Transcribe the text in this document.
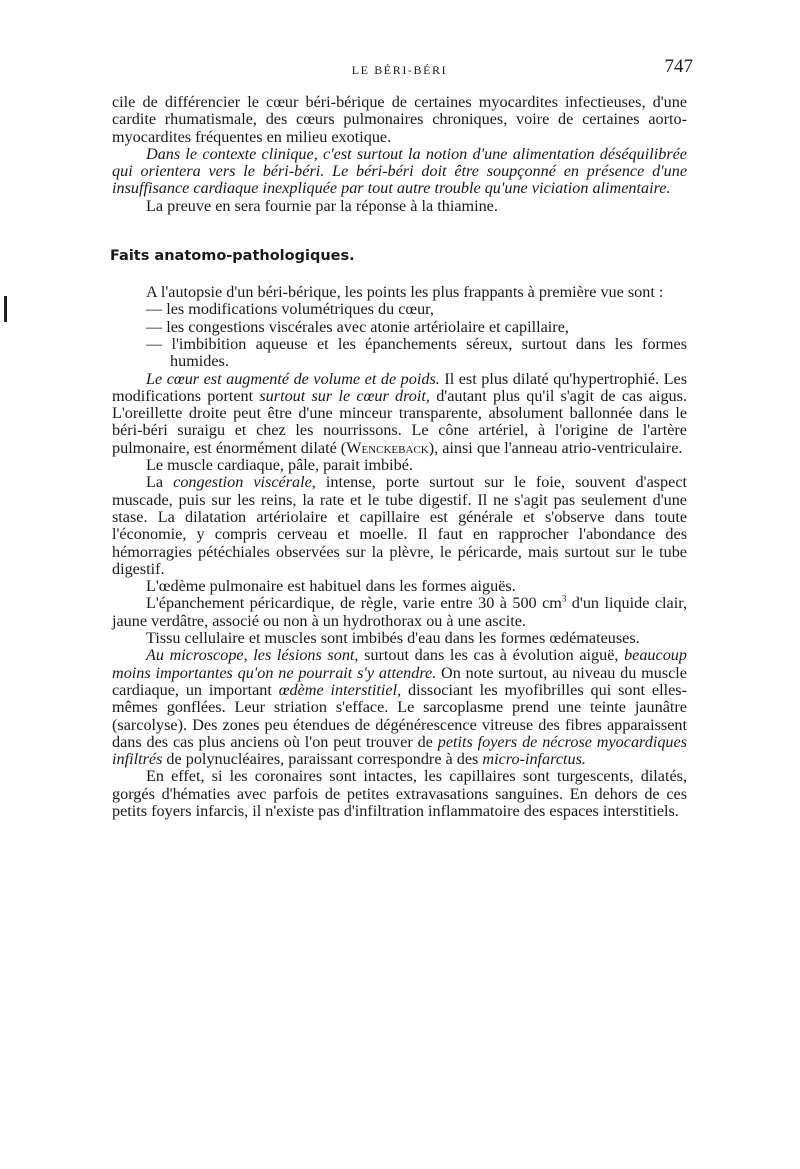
LE BÉRI-BÉRI	747

cile de différencier le cœur béri-bérique de certaines myocardites infectieuses, d'une cardite rhumatismale, des cœurs pulmonaires chroniques, voire de certaines aorto-myocardites fréquentes en milieu exotique.

Dans le contexte clinique, c'est surtout la notion d'une alimentation déséquilibrée qui orientera vers le béri-béri. Le béri-béri doit être soupçonné en présence d'une insuffisance cardiaque inexpliquée par tout autre trouble qu'une viciation alimentaire.

La preuve en sera fournie par la réponse à la thiamine.

Faits anatomo-pathologiques.

A l'autopsie d'un béri-bérique, les points les plus frappants à première vue sont :

— les modifications volumétriques du cœur,

— les congestions viscérales avec atonie artériolaire et capillaire,

— l'imbibition aqueuse et les épanchements séreux, surtout dans les formes humides.

Le cœur est augmenté de volume et de poids. Il est plus dilaté qu'hypertrophié. Les modifications portent surtout sur le cœur droit, d'autant plus qu'il s'agit de cas aigus. L'oreillette droite peut être d'une minceur transparente, absolument ballonnée dans le béri-béri suraigu et chez les nourrissons. Le cône artériel, à l'origine de l'artère pulmonaire, est énormément dilaté (Wenckeback), ainsi que l'anneau atrio-ventriculaire.

Le muscle cardiaque, pâle, parait imbibé.

La congestion viscérale, intense, porte surtout sur le foie, souvent d'aspect muscade, puis sur les reins, la rate et le tube digestif. Il ne s'agit pas seulement d'une stase. La dilatation artériolaire et capillaire est générale et s'observe dans toute l'économie, y compris cerveau et moelle. Il faut en rapprocher l'abondance des hémorragies pétéchiales observées sur la plèvre, le péricarde, mais surtout sur le tube digestif.

L'œdème pulmonaire est habituel dans les formes aiguës.

L'épanchement péricardique, de règle, varie entre 30 à 500 $cm^3$ d'un liquide clair, jaune verdâtre, associé ou non à un hydrothorax ou à une ascite.

Tissu cellulaire et muscles sont imbibés d'eau dans les formes œdémateuses.

Au microscope, les lésions sont, surtout dans les cas à évolution aiguë, beaucoup moins importantes qu'on ne pourrait s'y attendre. On note surtout, au niveau du muscle cardiaque, un important œdème interstitiel, dissociant les myofibrilles qui sont elles-mêmes gonflées. Leur striation s'efface. Le sarcoplasme prend une teinte jaunâtre (sarcolyse). Des zones peu étendues de dégénérescence vitreuse des fibres apparaissent dans des cas plus anciens où l'on peut trouver de petits foyers de nécrose myocardiques infiltrés de polynucléaires, paraissant correspondre à des micro-infarctus.

En effet, si les coronaires sont intactes, les capillaires sont turgescents, dilatés, gorgés d'hématies avec parfois de petites extravasations sanguines. En dehors de ces petits foyers infarcis, il n'existe pas d'infiltration inflammatoire des espaces interstitiels.
